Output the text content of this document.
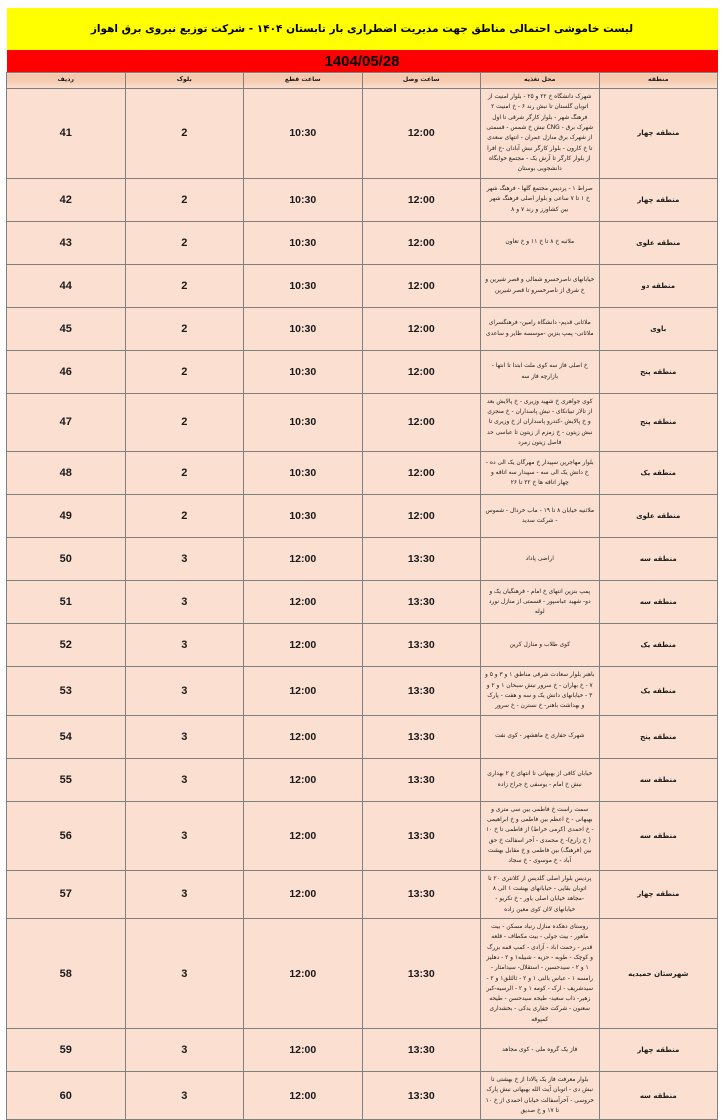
لیست خاموشی احتمالی مناطق جهت مدیریت اضطراری بار تابستان ۱۴۰۴ - شرکت توزیع نیروی برق اهواز					
1404/05/28					
منطقه	محل تغذیه	ساعت وصل	ساعت قطع	بلوک	ردیف
منطقه چهار	شهرک دانشگاه خ ۲۲ و ۲۵ - بلوار امنیت از اتوبان گلستان تا نبش رند ۶ - خ امنیت ۲ فرهنگ شهر - بلوار کارگر شرقی تا اول شهرک برق - CNG نبش خ شمس - قسمتی از شهرک برق منازل عمران - انتهای سعدی تا خ کارون - بلوار کارگر نبش آبادان -خ افرا از بلوار کارگر تا آرش یک - مجتمع خوابگاه دانشجویی بوستان	12:00	10:30	2	41
منطقه چهار	صراط ۱ - پردیس مجتمع گلها - فرهنگ شهر خ ۱ تا ۷ ساعی و بلوار اصلی فرهنگ شهر بین کشاورز و رند ۷ و ۸	12:00	10:30	2	42
منطقه علوی	ملاثبه خ ۸ تا خ ۱۱ و خ تعاون	12:00	10:30	2	43
منطقه دو	خیابانهای ناصرخسرو شمالی و قصر شیرین و خ شرق از ناصرخسرو تا قصر شیرین	12:00	10:30	2	44
باوی	ملاثانی قدیم- دانشگاه رامین- فرهنگسرای ملاثانی- پمپ بنزین -موسسه طایر و ساعدی	12:00	10:30	2	45
منطقه پنج	خ اصلی فاز سه کوی ملت ابتدا تا انتها - بازارچه فاز سه	12:00	10:30	2	46
منطقه پنج	کوی جواهری خ شهید وزیری - خ پالایش بعد از تالار تبیانکای - نبش پاسداران - خ منجزی و خ پالایش -کندرو پاسداران از خ وزیری تا نبش زیتون - خ زمزم از زیتون تا عباسی حد فاصل زیتون زمرد	12:00	10:30	2	47
منطقه یک	بلوار مهاجرین سپیدار خ مهرگان یک الی ده - خ دانش یک الی سه - سپیدار سه اتاقه و چهار اتاقه ها خ ۲۲ تا ۲۶	12:00	10:30	2	48
منطقه علوی	ملاثنیه خیابان ۸ تا ۱۹ - ماب خردال - شموس - شرکت سدید	12:00	10:30	2	49
منطقه سه	اراضی پاداد	13:30	12:00	3	50
منطقه سه	پمپ بنزین انتهای خ امام - فرهنگیان یک و دو- شهید عباسپور - قسمتی از منازل نورد لوله	13:30	12:00	3	51
منطقه یک	کوی طلاب و منازل کرین	13:30	12:00	3	52
منطقه یک	باهنر بلوار سعادت شرقی مناطق ۱ و ۳ و ۵ و ۷ - خ بهاران - خ سرور نبش سبحان ۱ و ۲ و ۳ - خیابانهای دانش یک و سه و هفت - پارک و بهداشت باهنر- خ نسترن - خ سرور	13:30	12:00	3	53
منطقه پنج	شهرک حفاری خ ماهشهر - کوی نفت	13:30	12:00	3	54
منطقه سه	خیابان کافی از بهبهانی تا انتهای خ ۲ بهداری نبش خ امام - یوسفی خ جراح زاده	13:30	12:00	3	55
منطقه سه	سمت راست خ فاطمی بین سی متری و بهبهانی - خ اعظم بین فاطمی و خ ابراهیمی - خ احمدی (کرمی خراط) از فاطمی تا خ ۱۰ ( خ زارع)- خ محمدی - آخر اسفالت خ حق بین (فرهنگ) بین فاطمی و خ مقابل بهشت آباد - خ موسوی - خ سجاد	13:30	12:00	3	56
منطقه چهار	پردیس بلوار اصلی گلدیس از کلانتری ۲۰ تا اتوبان بقایی - خیابانهای بهشت ۱ الی ۸ -مجاهد خیابان اصلی یاور - خ تکریو - خیابانهای لاان کوی معین زاده	13:30	12:00	3	57
شهرستان حمیدیه	روستای دهکده منازل رنباد مسکن - بیت ماهور - بیت جولی - بیت مکطاف - قلعه قدیر - رحمت اباد - آزادی - کمپ قمه بزرگ و کوچک - طوبه - حزیه - شبیله۱ و ۲ - دهلیز ۱ و ۲ - سیدحسین - استقلال- سیدامثار - رامسه ۱ - عباس بالنی ۱ و ۲ - ثالثلق۱ و ۲ - سیدشریف - ارک - کومه ۱ و ۲ - الرسیه-کبر زهیر- ذاب سعید- طیحه سیدحسن - طیحه سعنون - شرکت حفاری یدکی - بخشداری کمپوقه	13:30	12:00	3	58
منطقه چهار	فاز یک گروه ملی - کوی مجاهد	13:30	12:00	3	59
منطقه سه	بلوار معرفت فاز یک پالادا از خ بهشتی تا نبش دی - اتوبان آیت الله بهبهانی نبش پارک خروسی - آخرآسفالت خیابان احمدی از خ ۱۰ تا ۱۷ و خ صدیق	13:30	12:00	3	60
